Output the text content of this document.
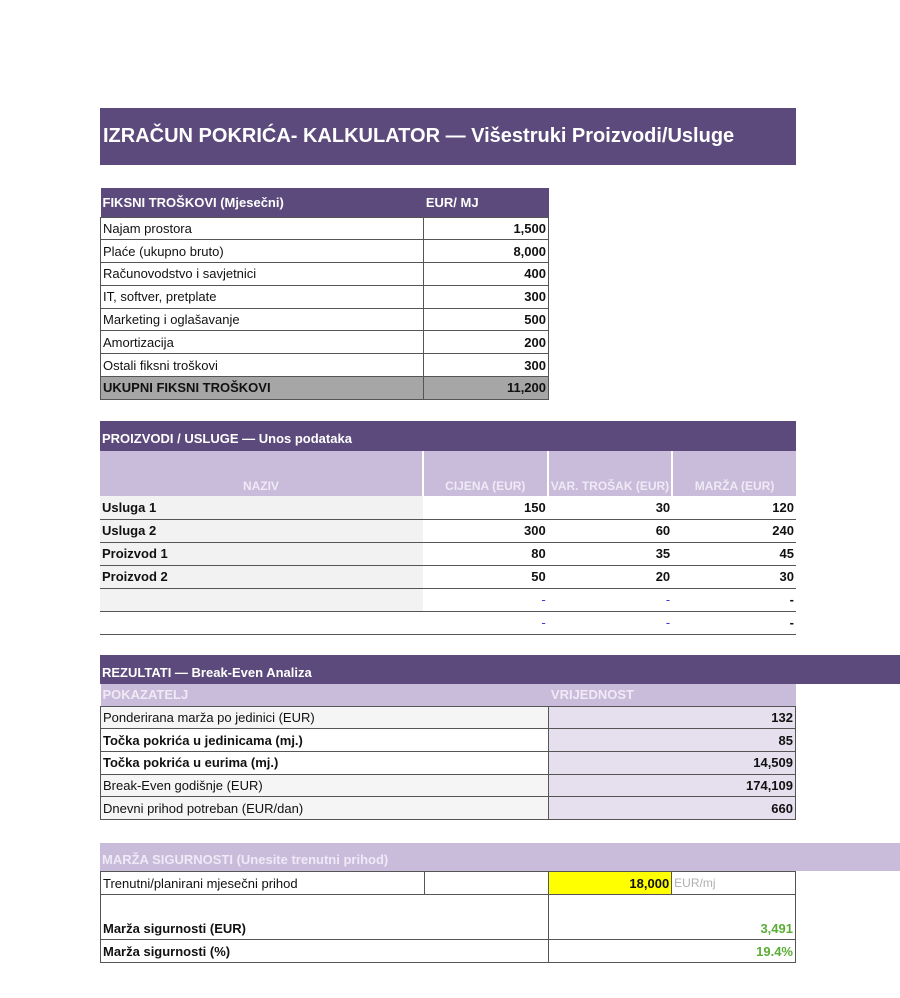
IZRAČUN POKRIĆA- KALKULATOR — Višestruki Proizvodi/Usluge
FIKSNI TROŠKOVI (Mjesečni)	EUR/ MJ
Najam prostora	1,500
Plaće (ukupno bruto)	8,000
Računovodstvo i savjetnici	400
IT, softver, pretplate	300
Marketing i oglašavanje	500
Amortizacija	200
Ostali fiksni troškovi	300
UKUPNI FIKSNI TROŠKOVI	11,200
PROIZVODI / USLUGE — Unos podataka
NAZIV	CIJENA (EUR)	VAR. TROŠAK (EUR)	MARŽA (EUR)
Usluga 1	150	30	120
Usluga 2	300	60	240
Proizvod 1	80	35	45
Proizvod 2	50	20	30
	-	-	-
	-	-	-
REZULTATI — Break-Even Analiza
POKAZATELJ	VRIJEDNOST
Ponderirana marža po jedinici (EUR)	132
Točka pokrića u jedinicama (mj.)	85
Točka pokrića u eurima (mj.)	14,509
Break-Even godišnje (EUR)	174,109
Dnevni prihod potreban (EUR/dan)	660
MARŽA SIGURNOSTI (Unesite trenutni prihod)
Trenutni/planirani mjesečni prihod		18,000	EUR/mj
Marža sigurnosti (EUR)		3,491	
Marža sigurnosti (%)		19.4%	
